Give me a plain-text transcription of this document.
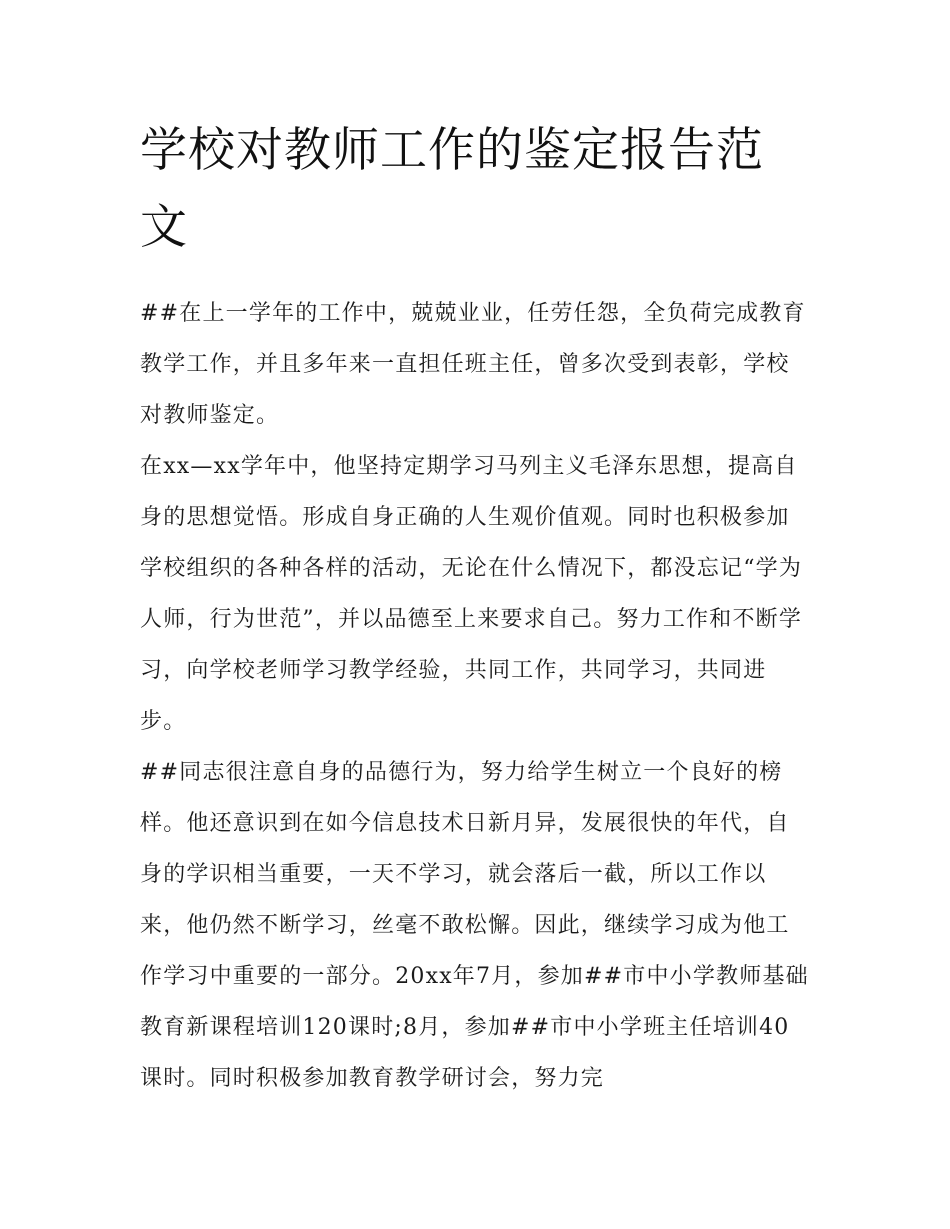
学校对教师工作的鉴定报告范文

##在上一学年的工作中，兢兢业业，任劳任怨，全负荷完成教育教学工作，并且多年来一直担任班主任，曾多次受到表彰，学校对教师鉴定。

在xx—xx学年中，他坚持定期学习马列主义毛泽东思想，提高自身的思想觉悟。形成自身正确的人生观价值观。同时也积极参加学校组织的各种各样的活动，无论在什么情况下，都没忘记“学为人师，行为世范”，并以品德至上来要求自己。努力工作和不断学习，向学校老师学习教学经验，共同工作，共同学习，共同进步。

##同志很注意自身的品德行为，努力给学生树立一个良好的榜样。他还意识到在如今信息技术日新月异，发展很快的年代，自身的学识相当重要，一天不学习，就会落后一截，所以工作以来，他仍然不断学习，丝毫不敢松懈。因此，继续学习成为他工作学习中重要的一部分。20xx年7月，参加##市中小学教师基础教育新课程培训120课时;8月，参加##市中小学班主任培训40课时。同时积极参加教育教学研讨会，努力完
